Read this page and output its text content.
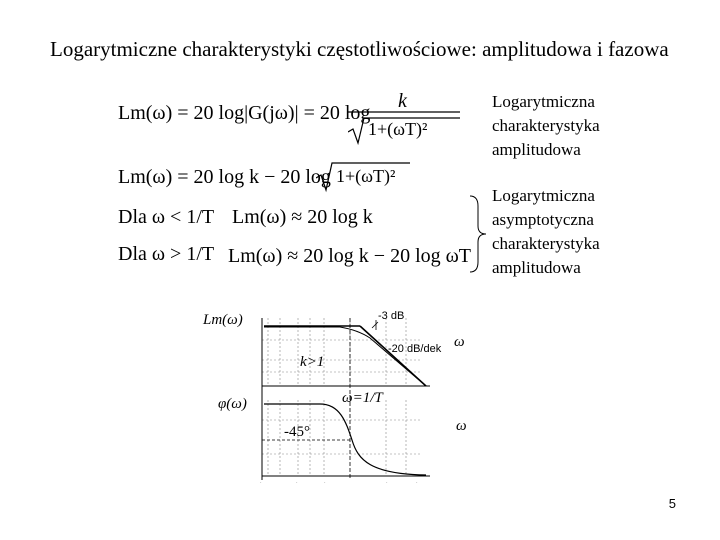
Logarytmiczne charakterystyki częstotliwościowe: amplitudowa i fazowa
Lm(ω) = 20 log|G(jω)| = 20 log
k
1+(ωT)²
Lm(ω) = 20 log k − 20 log 1+(ωT)²
Dla ω < 1/T Lm(ω) ≈ 20 log k
Dla ω > 1/T Lm(ω) ≈ 20 log k − 20 log ωT
Logarytmiczna
charakterystyka
amplitudowa
Logarytmiczna
asymptotyczna
charakterystyka
amplitudowa
·	·	·	·	·
Lm(ω)
φ(ω)
ω
ω
-3 dB
-20 dB/dek
k>1
ω=1/T
-45°
5
